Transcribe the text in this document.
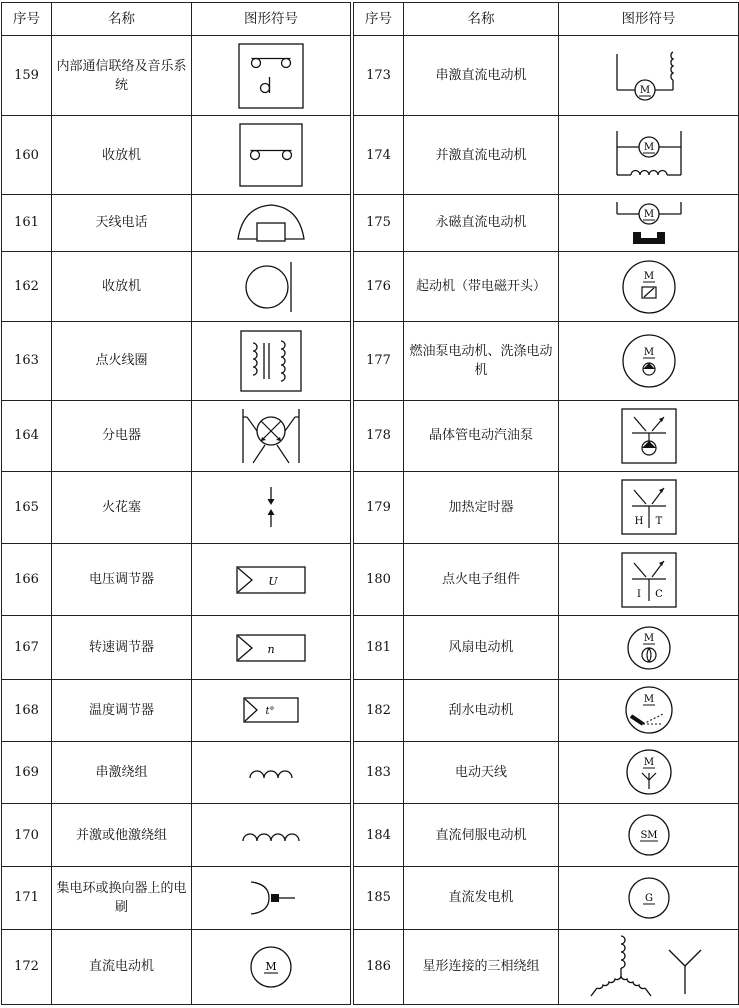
序号	名称	图形符号
159	内部通信联络及音乐系统	

160	收放机	

161	天线电话	

162	收放机	

163	点火线圈	

164	分电器	

165	火花塞	

166	电压调节器	U

167	转速调节器	n

168	温度调节器	t°

169	串激绕组	

170	并激或他激绕组	

171	集电环或换向器上的电刷	

172	直流电动机	M
序号	名称	图形符号
173	串激直流电动机	M

174	并激直流电动机	M

175	永磁直流电动机	M

176	起动机（带电磁开头）	M

177	燃油泵电动机、洗涤电动机	M

178	晶体管电动汽油泵	

179	加热定时器	H T

180	点火电子组件	I C

181	风扇电动机	M

182	刮水电动机	M

183	电动天线	M

184	直流伺服电动机	SM

185	直流发电机	G

186	星形连接的三相绕组	
